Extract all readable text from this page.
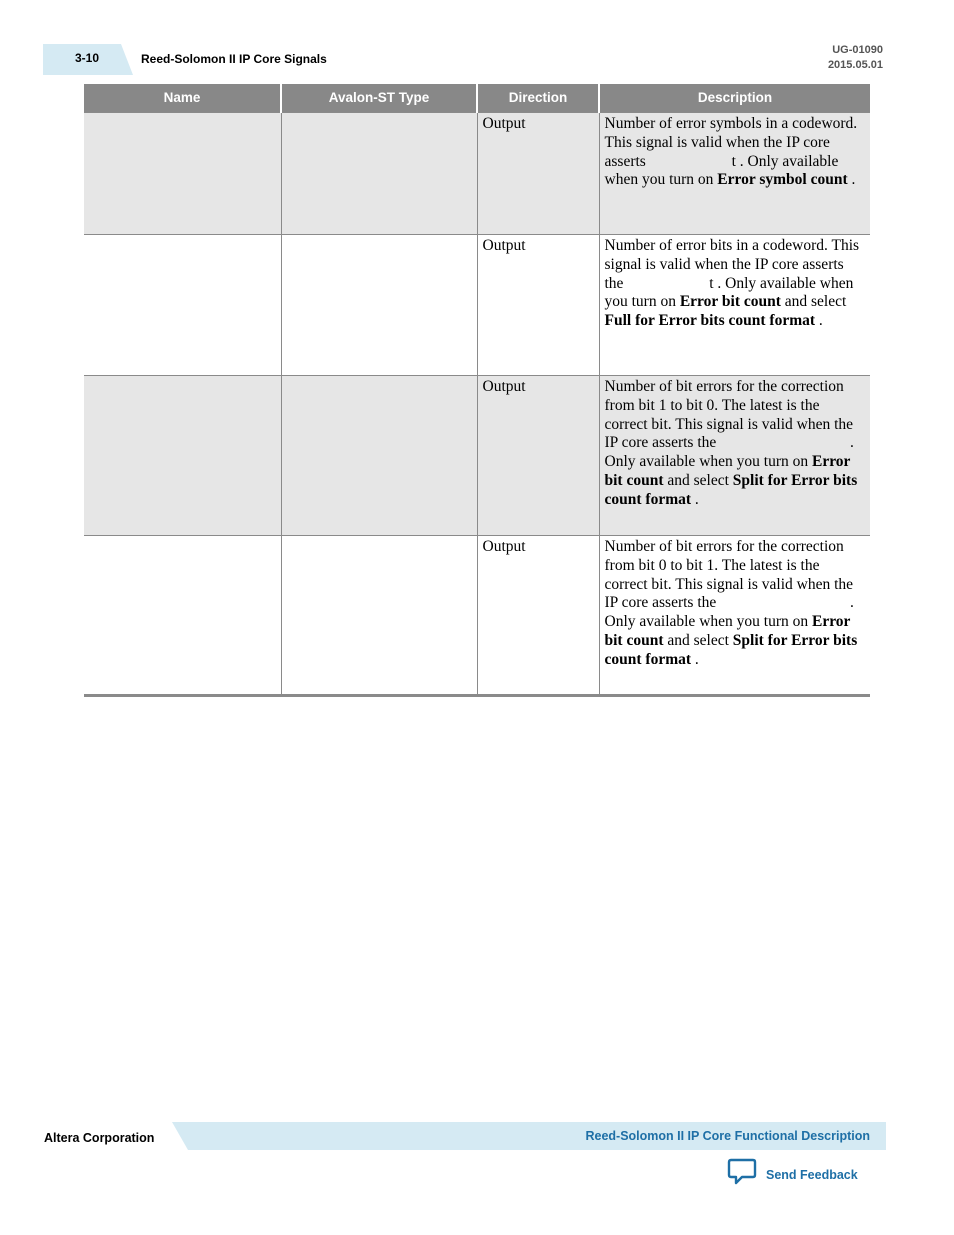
3-10	Reed-Solomon II IP Core Signals
UG-01090
2015.05.01
Name	Avalon-ST Type	Direction	Description
		Output	Number of error symbols in a codeword. This signal is valid when the IP core asserts t . Only available when you turn on Error symbol count .
		Output	Number of error bits in a codeword. This signal is valid when the IP core asserts the t . Only available when you turn on Error bit count and select Full for Error bits count format .
		Output	Number of bit errors for the correction from bit 1 to bit 0. The latest is the correct bit. This signal is valid when the IP core asserts the . Only available when you turn on Error bit count and select Split for Error bits count format .
		Output	Number of bit errors for the correction from bit 0 to bit 1. The latest is the correct bit. This signal is valid when the IP core asserts the . Only available when you turn on Error bit count and select Split for Error bits count format .
Altera Corporation	Reed-Solomon II IP Core Functional Description
Send Feedback
